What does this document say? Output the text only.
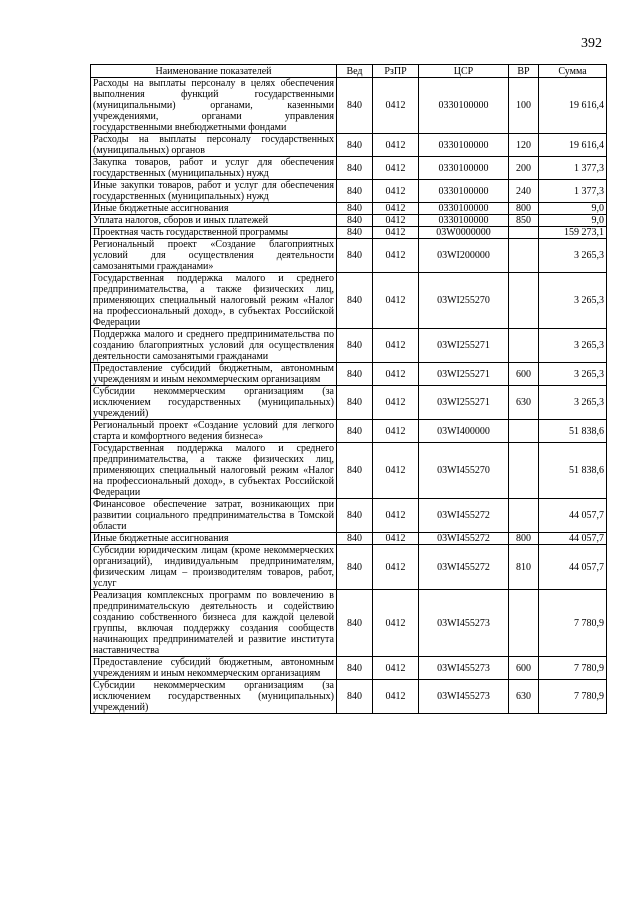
392
Наименование показателей	Вед	РзПР	ЦСР	ВР	Сумма
Расходы на выплаты персоналу в целях обеспечения выполнения функций государственными (муниципальными) органами, казенными учреждениями, органами управления государственными внебюджетными фондами	840	0412	0330100000	100	19 616,4
Расходы на выплаты персоналу государственных (муниципальных) органов	840	0412	0330100000	120	19 616,4
Закупка товаров, работ и услуг для обеспечения государственных (муниципальных) нужд	840	0412	0330100000	200	1 377,3
Иные закупки товаров, работ и услуг для обеспечения государственных (муниципальных) нужд	840	0412	0330100000	240	1 377,3
Иные бюджетные ассигнования	840	0412	0330100000	800	9,0
Уплата налогов, сборов и иных платежей	840	0412	0330100000	850	9,0
Проектная часть государственной программы	840	0412	03W0000000		159 273,1
Региональный проект «Создание благоприятных условий для осуществления деятельности самозанятыми гражданами»	840	0412	03WI200000		3 265,3
Государственная поддержка малого и среднего предпринимательства, а также физических лиц, применяющих специальный налоговый режим «Налог на профессиональный доход», в субъектах Российской Федерации	840	0412	03WI255270		3 265,3
Поддержка малого и среднего предпринимательства по созданию благоприятных условий для осуществления деятельности самозанятыми гражданами	840	0412	03WI255271		3 265,3
Предоставление субсидий бюджетным, автономным учреждениям и иным некоммерческим организациям	840	0412	03WI255271	600	3 265,3
Субсидии некоммерческим организациям (за исключением государственных (муниципальных) учреждений)	840	0412	03WI255271	630	3 265,3
Региональный проект «Создание условий для легкого старта и комфортного ведения бизнеса»	840	0412	03WI400000		51 838,6
Государственная поддержка малого и среднего предпринимательства, а также физических лиц, применяющих специальный налоговый режим «Налог на профессиональный доход», в субъектах Российской Федерации	840	0412	03WI455270		51 838,6
Финансовое обеспечение затрат, возникающих при развитии социального предпринимательства в Томской области	840	0412	03WI455272		44 057,7
Иные бюджетные ассигнования	840	0412	03WI455272	800	44 057,7
Субсидии юридическим лицам (кроме некоммерческих организаций), индивидуальным предпринимателям, физическим лицам – производителям товаров, работ, услуг	840	0412	03WI455272	810	44 057,7
Реализация комплексных программ по вовлечению в предпринимательскую деятельность и содействию созданию собственного бизнеса для каждой целевой группы, включая поддержку создания сообществ начинающих предпринимателей и развитие института наставничества	840	0412	03WI455273		7 780,9
Предоставление субсидий бюджетным, автономным учреждениям и иным некоммерческим организациям	840	0412	03WI455273	600	7 780,9
Субсидии некоммерческим организациям (за исключением государственных (муниципальных) учреждений)	840	0412	03WI455273	630	7 780,9
